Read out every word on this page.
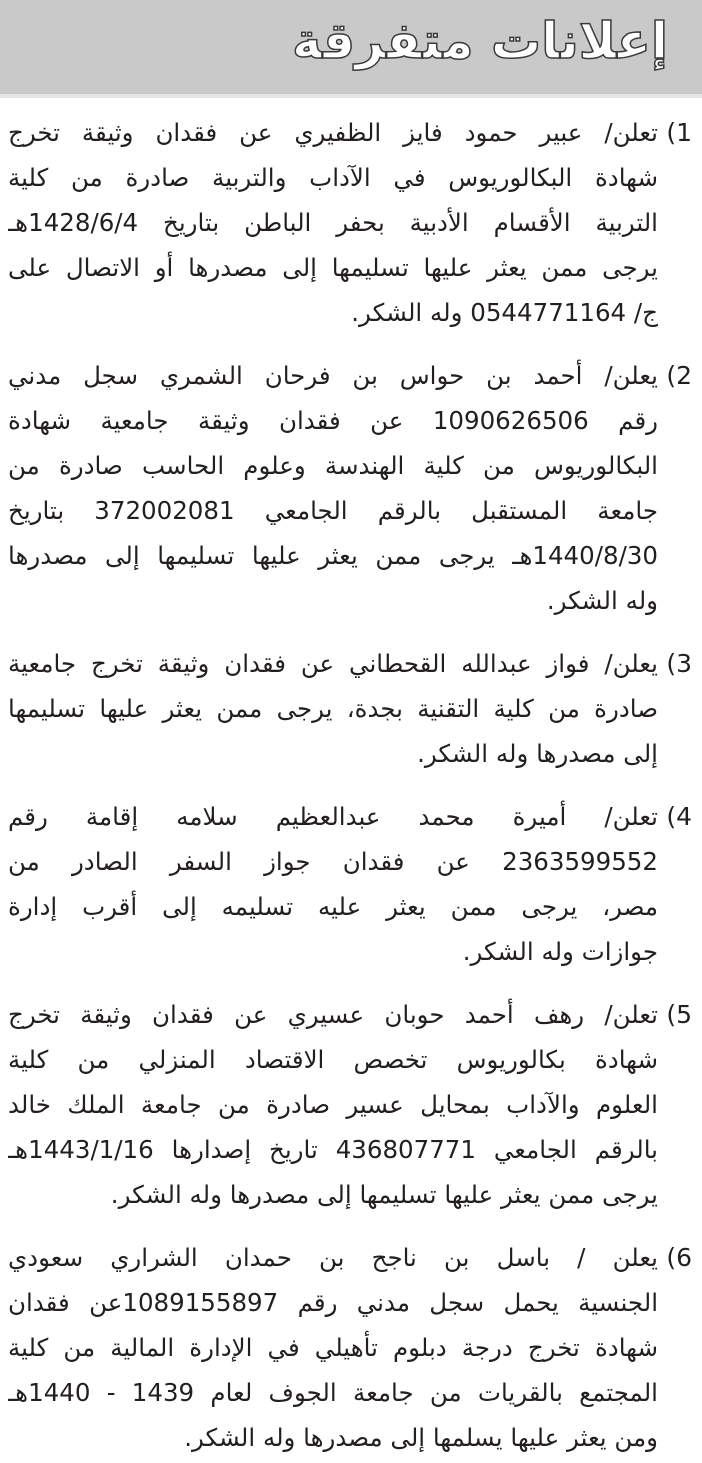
إعلانات متفرقة
1)
تعلن/ عبير حمود فايز الظفيري عن فقدان وثيقة تخرج
شهادة البكالوريوس في الآداب والتربية صادرة من كلية
التربية الأقسام الأدبية بحفر الباطن بتاريخ 1428/6/4هـ
يرجى ممن يعثر عليها تسليمها إلى مصدرها أو الاتصال على
ج/ 0544771164 وله الشكر.
2)
يعلن/ أحمد بن حواس بن فرحان الشمري سجل مدني
رقم 1090626506 عن فقدان وثيقة جامعية شهادة
البكالوريوس من كلية الهندسة وعلوم الحاسب صادرة من
جامعة المستقبل بالرقم الجامعي 372002081 بتاريخ
1440/8/30هـ يرجى ممن يعثر عليها تسليمها إلى مصدرها
وله الشكر.
3)
يعلن/ فواز عبدالله القحطاني عن فقدان وثيقة تخرج جامعية
صادرة من كلية التقنية بجدة، يرجى ممن يعثر عليها تسليمها
إلى مصدرها وله الشكر.
4)
تعلن/ أميرة محمد عبدالعظيم سلامه إقامة رقم
2363599552 عن فقدان جواز السفر الصادر من
مصر، يرجى ممن يعثر عليه تسليمه إلى أقرب إدارة
جوازات وله الشكر.
5)
تعلن/ رهف أحمد حوبان عسيري عن فقدان وثيقة تخرج
شهادة بكالوريوس تخصص الاقتصاد المنزلي من كلية
العلوم والآداب بمحايل عسير صادرة من جامعة الملك خالد
بالرقم الجامعي 436807771 تاريخ إصدارها 1443/1/16هـ
يرجى ممن يعثر عليها تسليمها إلى مصدرها وله الشكر.
6)
يعلن / باسل بن ناجح بن حمدان الشراري سعودي
الجنسية يحمل سجل مدني رقم 1089155897عن فقدان
شهادة تخرج درجة دبلوم تأهيلي في الإدارة المالية من كلية
المجتمع بالقريات من جامعة الجوف لعام 1439 - 1440هـ
ومن يعثر عليها يسلمها إلى مصدرها وله الشكر.
